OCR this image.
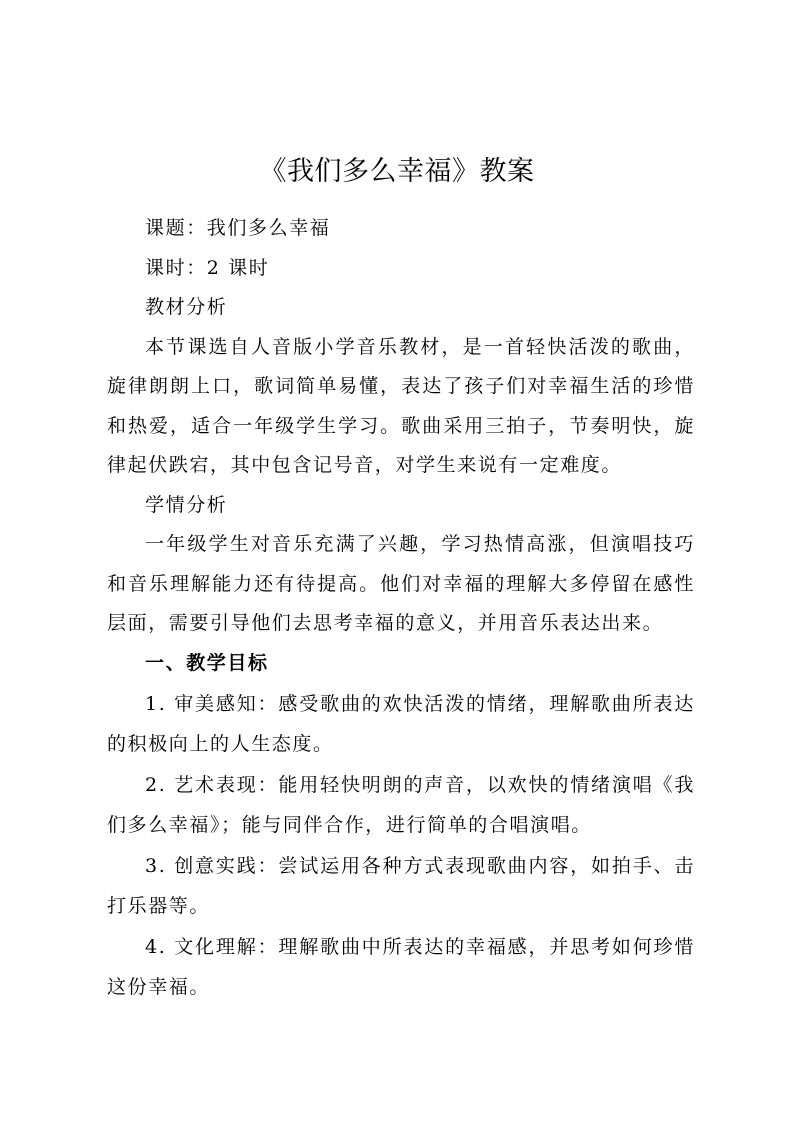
《我们多么幸福》教案

课题：我们多么幸福

课时：2 课时

教材分析

本节课选自人音版小学音乐教材，是一首轻快活泼的歌曲，旋律朗朗上口，歌词简单易懂，表达了孩子们对幸福生活的珍惜和热爱，适合一年级学生学习。歌曲采用三拍子，节奏明快，旋律起伏跌宕，其中包含记号音，对学生来说有一定难度。

学情分析

一年级学生对音乐充满了兴趣，学习热情高涨，但演唱技巧和音乐理解能力还有待提高。他们对幸福的理解大多停留在感性层面，需要引导他们去思考幸福的意义，并用音乐表达出来。

一、教学目标

1. 审美感知：感受歌曲的欢快活泼的情绪，理解歌曲所表达的积极向上的人生态度。

2. 艺术表现：能用轻快明朗的声音，以欢快的情绪演唱《我们多么幸福》；能与同伴合作，进行简单的合唱演唱。

3. 创意实践：尝试运用各种方式表现歌曲内容，如拍手、击打乐器等。

4. 文化理解：理解歌曲中所表达的幸福感，并思考如何珍惜这份幸福。
